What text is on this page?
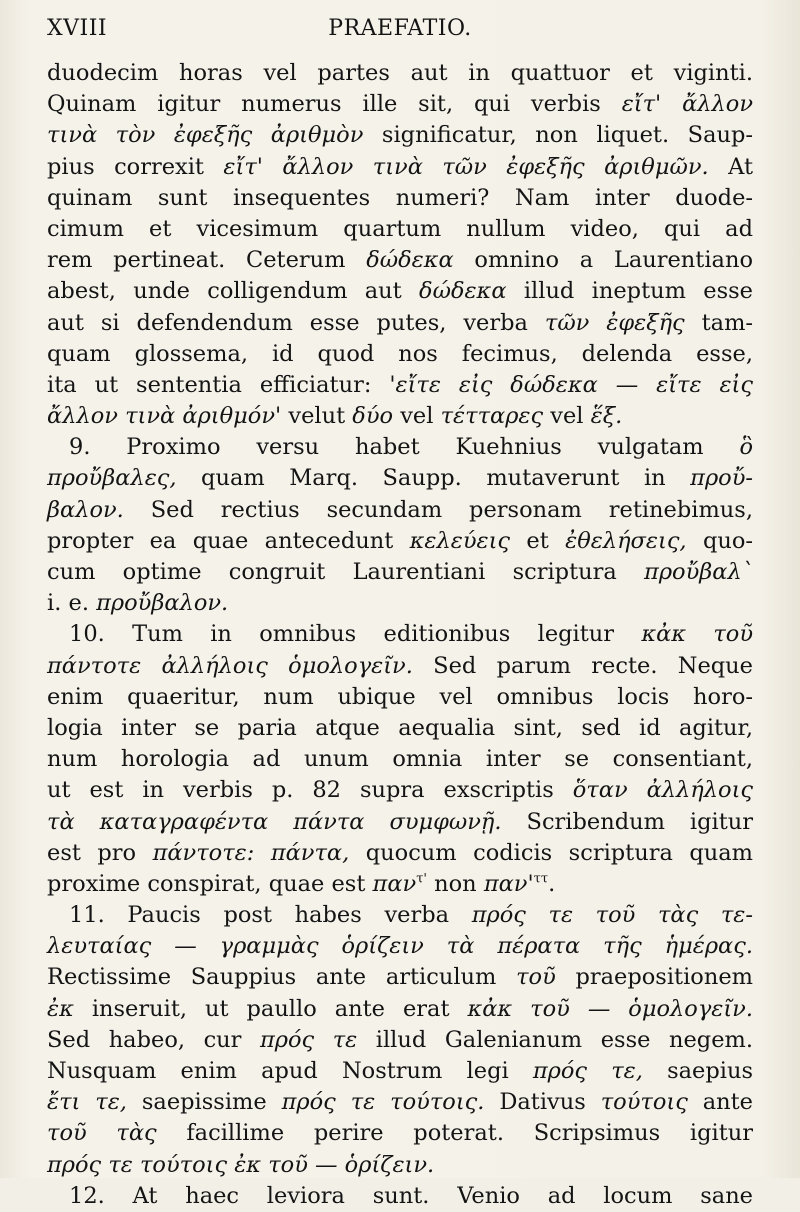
XVIII	PRAEFATIO.
duodecim horas vel partes aut in quattuor et viginti.
Quinam igitur numerus ille sit, qui verbis εἴτ' ἄλλον
τινὰ τὸν ἐφεξῆς ἀριθμὸν significatur, non liquet. Saup-
pius correxit εἴτ' ἄλλον τινὰ τῶν ἐφεξῆς ἀριθμῶν. At
quinam sunt insequentes numeri? Nam inter duode-
cimum et vicesimum quartum nullum video, qui ad
rem pertineat. Ceterum δώδεκα omnino a Laurentiano
abest, unde colligendum aut δώδεκα illud ineptum esse
aut si defendendum esse putes, verba τῶν ἐφεξῆς tam-
quam glossema, id quod nos fecimus, delenda esse,
ita ut sententia efficiatur: 'εἴτε εἰς δώδεκα — εἴτε εἰς
ἄλλον τινὰ ἀριθμόν' velut δύο vel τέτταρες vel ἕξ.
9. Proximo versu habet Kuehnius vulgatam ὃ
προὔβαλες, quam Marq. Saupp. mutaverunt in προὔ-
βαλον. Sed rectius secundam personam retinebimus,
propter ea quae antecedunt κελεύεις et ἐθελήσεις, quo-
cum optime congruit Laurentiani scriptura προὔβαλ`
i. e. προὔβαλον.
10. Tum in omnibus editionibus legitur κἀκ τοῦ
πάντοτε ἀλλήλοις ὁμολογεῖν. Sed parum recte. Neque
enim quaeritur, num ubique vel omnibus locis horo-
logia inter se paria atque aequalia sint, sed id agitur,
num horologia ad unum omnia inter se consentiant,
ut est in verbis p. 82 supra exscriptis ὅταν ἀλλήλοις
τὰ καταγραφέντα πάντα συμφωνῇ. Scribendum igitur
est pro πάντοτε: πάντα, quocum codicis scriptura quam
proxime conspirat, quae est παν$^{\tau'}$ non $\pi\alpha\nu'^{\tau\tau}$.
11. Paucis post habes verba πρός τε τοῦ τὰς τε-
λευταίας — γραμμὰς ὁρίζειν τὰ πέρατα τῆς ἡμέρας.
Rectissime Sauppius ante articulum τοῦ praepositionem
ἐκ inseruit, ut paullo ante erat κἀκ τοῦ — ὁμολογεῖν.
Sed habeo, cur πρός τε illud Galenianum esse negem.
Nusquam enim apud Nostrum legi πρός τε, saepius
ἔτι τε, saepissime πρός τε τούτοις. Dativus τούτοις ante
τοῦ τὰς facillime perire poterat. Scripsimus igitur
πρός τε τούτοις ἐκ τοῦ — ὁρίζειν.
12. At haec leviora sunt. Venio ad locum sane
